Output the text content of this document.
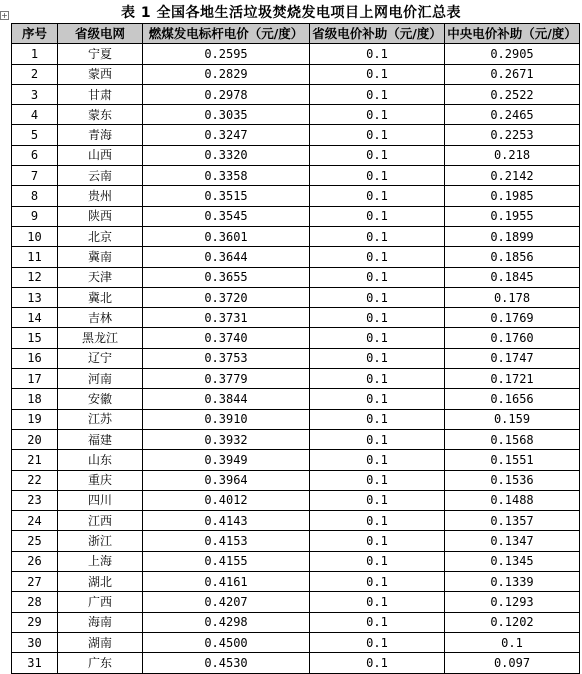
+	表 1 全国各地生活垃圾焚烧发电项目上网电价汇总表
序号	省级电网	燃煤发电标杆电价（元/度）	省级电价补助（元/度）	中央电价补助（元/度）
1	宁夏	0.2595	0.1	0.2905
2	蒙西	0.2829	0.1	0.2671
3	甘肃	0.2978	0.1	0.2522
4	蒙东	0.3035	0.1	0.2465
5	青海	0.3247	0.1	0.2253
6	山西	0.3320	0.1	0.218
7	云南	0.3358	0.1	0.2142
8	贵州	0.3515	0.1	0.1985
9	陕西	0.3545	0.1	0.1955
10	北京	0.3601	0.1	0.1899
11	冀南	0.3644	0.1	0.1856
12	天津	0.3655	0.1	0.1845
13	冀北	0.3720	0.1	0.178
14	吉林	0.3731	0.1	0.1769
15	黑龙江	0.3740	0.1	0.1760
16	辽宁	0.3753	0.1	0.1747
17	河南	0.3779	0.1	0.1721
18	安徽	0.3844	0.1	0.1656
19	江苏	0.3910	0.1	0.159
20	福建	0.3932	0.1	0.1568
21	山东	0.3949	0.1	0.1551
22	重庆	0.3964	0.1	0.1536
23	四川	0.4012	0.1	0.1488
24	江西	0.4143	0.1	0.1357
25	浙江	0.4153	0.1	0.1347
26	上海	0.4155	0.1	0.1345
27	湖北	0.4161	0.1	0.1339
28	广西	0.4207	0.1	0.1293
29	海南	0.4298	0.1	0.1202
30	湖南	0.4500	0.1	0.1
31	广东	0.4530	0.1	0.097
